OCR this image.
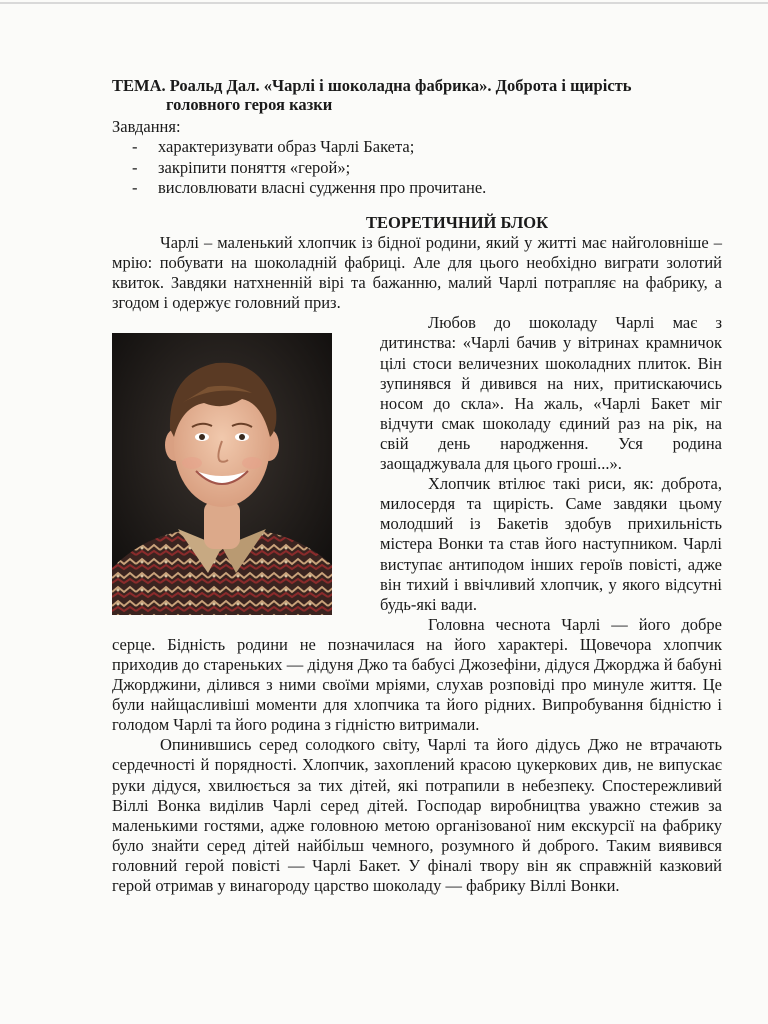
ТЕМА. Роальд Дал. «Чарлі і шоколадна фабрика». Доброта і щирість
головного героя казки
Завдання:
- характеризувати образ Чарлі Бакета;
- закріпити поняття «герой»;
- висловлювати власні судження про прочитане.
ТЕОРЕТИЧНИЙ БЛОК

Чарлі – маленький хлопчик із бідної родини, який у житті має найголовніше – мрію: побувати на шоколадній фабриці. Але для цього необхідно виграти золотий квиток. Завдяки натхненній вірі та бажанню, малий Чарлі потрапляє на фабрику, а згодом і одержує головний приз.

Любов до шоколаду Чарлі має з дитинства: «Чарлі бачив у вітринах крамничок цілі стоси величезних шоколадних плиток. Він зупинявся й дивився на них, притискаючись носом до скла». На жаль, «Чарлі Бакет міг відчути смак шоколаду єдиний раз на рік, на свій день народження. Уся родина заощаджувала для цього гроші...».

Хлопчик втілює такі риси, як: доброта, милосердя та щирість. Саме завдяки цьому молодший із Бакетів здобув прихильність містера Вонки та став його наступником. Чарлі виступає антиподом інших героїв повісті, адже він тихий і ввічливий хлопчик, у якого відсутні будь-які вади.

Головна чеснота Чарлі — його добре серце. Бідність родини не позначилася на його характері. Щовечора хлопчик приходив до стареньких — дідуня Джо та бабусі Джозефіни, дідуся Джорджа й бабуні Джорджини, ділився з ними своїми мріями, слухав розповіді про минуле життя. Це були найщасливіші моменти для хлопчика та його рідних. Випробування бідністю і голодом Чарлі та його родина з гідністю витримали.

Опинившись серед солодкого світу, Чарлі та його дідусь Джо не втрачають сердечності й порядності. Хлопчик, захоплений красою цукеркових див, не випускає руки дідуся, хвилюється за тих дітей, які потрапили в небезпеку. Спостережливий Віллі Вонка виділив Чарлі серед дітей. Господар виробництва уважно стежив за маленькими гостями, адже головною метою організованої ним екскурсії на фабрику було знайти серед дітей найбільш чемного, розумного й доброго. Таким виявився головний герой повісті — Чарлі Бакет. У фіналі твору він як справжній казковий герой отримав у винагороду царство шоколаду — фабрику Віллі Вонки.
